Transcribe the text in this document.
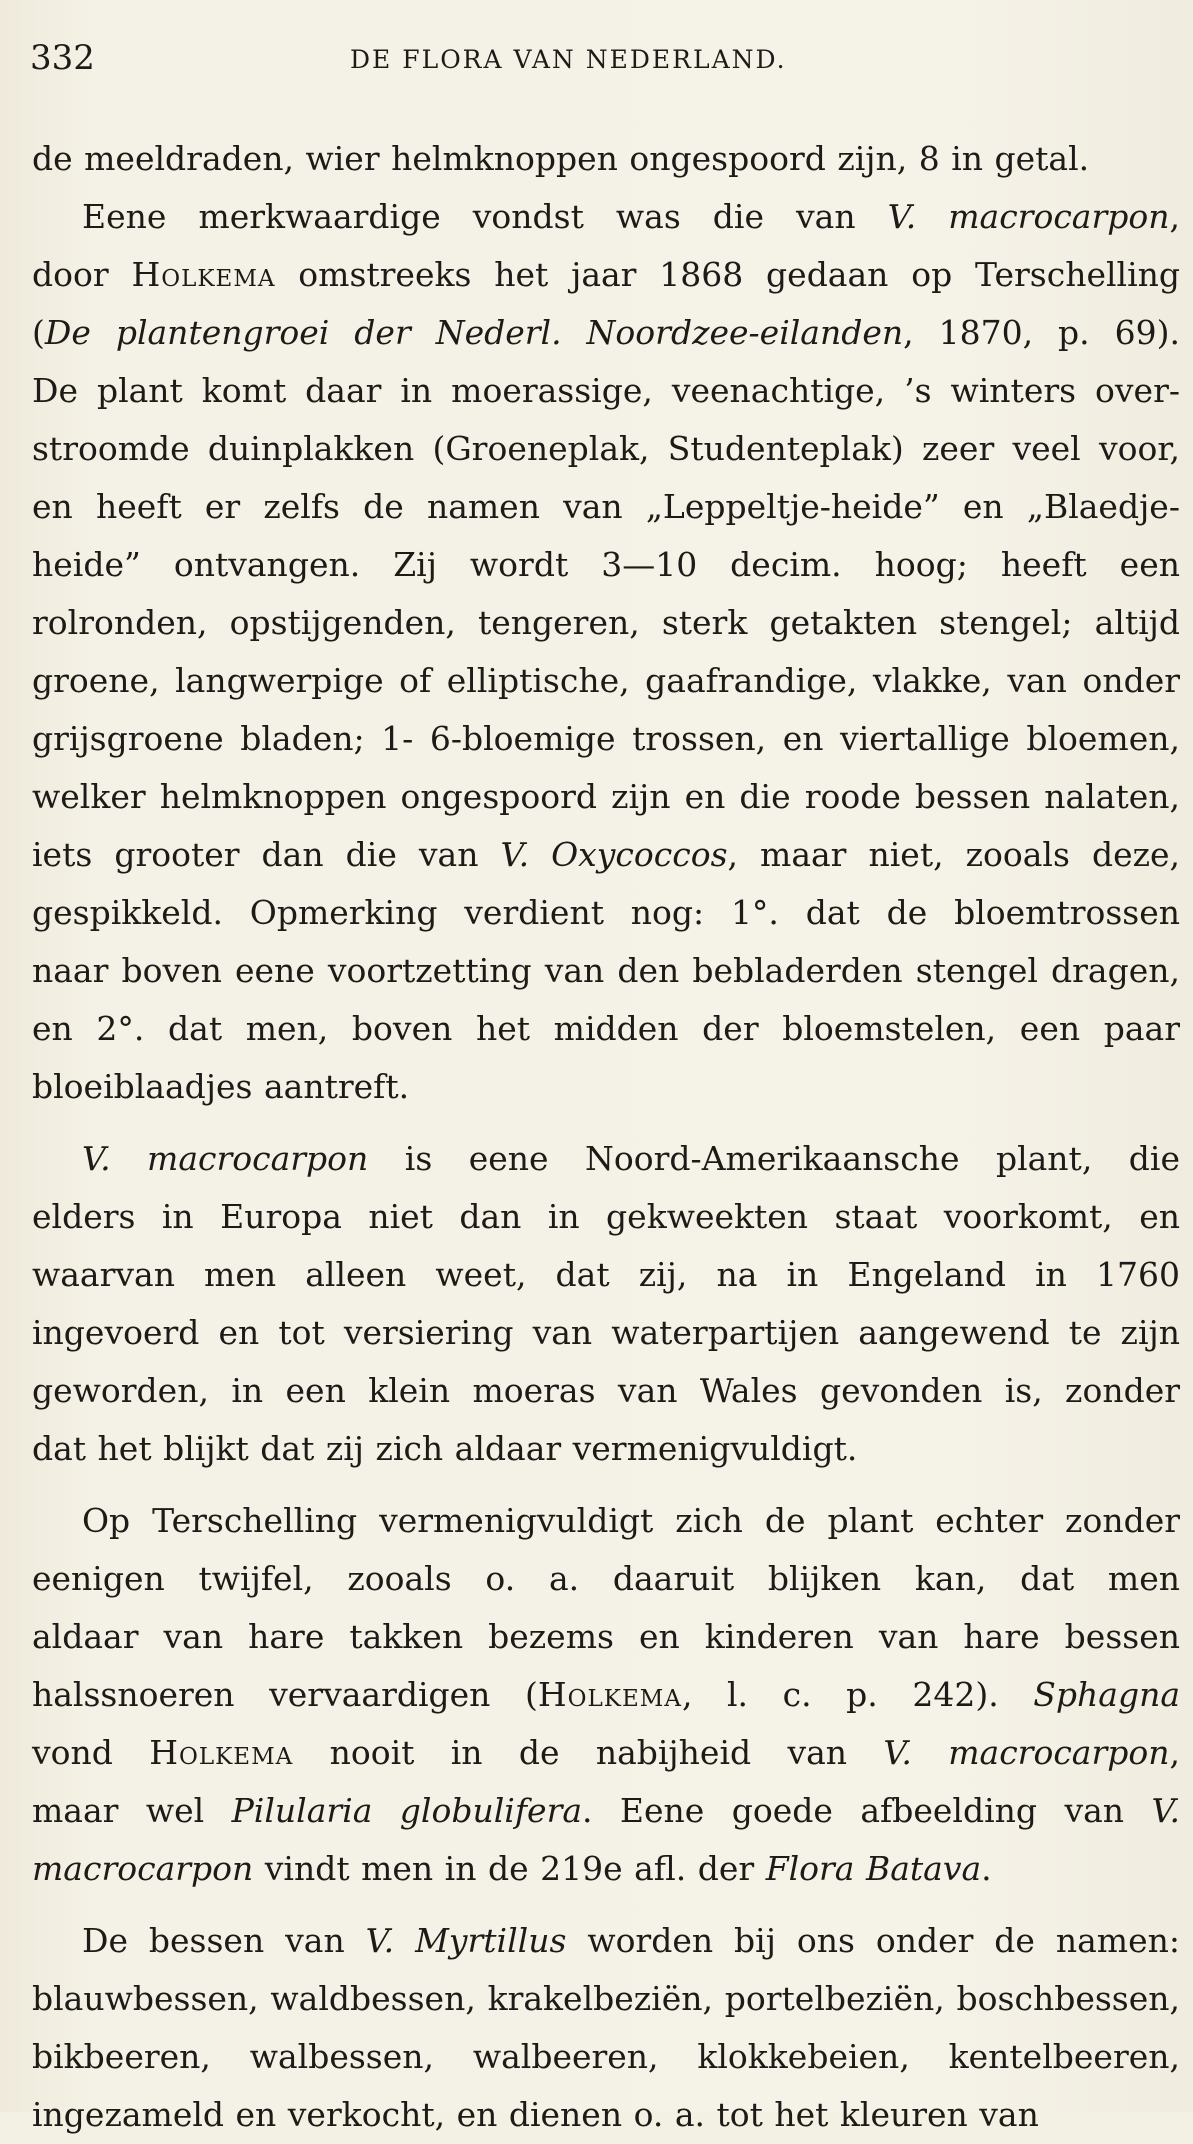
332	DE FLORA VAN NEDERLAND.
de meeldraden, wier helmknoppen ongespoord zijn, 8 in getal.
Eene merkwaardige vondst was die van V. macrocarpon,
door Holkema omstreeks het jaar 1868 gedaan op Terschelling
(De plantengroei der Nederl. Noordzee-eilanden, 1870, p. 69).
De plant komt daar in moerassige, veenachtige, ’s winters over-
stroomde duinplakken (Groeneplak, Studenteplak) zeer veel voor,
en heeft er zelfs de namen van „Leppeltje-heide” en „Blaedje-
heide” ontvangen. Zij wordt 3—10 decim. hoog; heeft een
rolronden, opstijgenden, tengeren, sterk getakten stengel; altijd
groene, langwerpige of elliptische, gaafrandige, vlakke, van onder
grijsgroene bladen; 1- 6-bloemige trossen, en viertallige bloemen,
welker helmknoppen ongespoord zijn en die roode bessen nalaten,
iets grooter dan die van V. Oxycoccos, maar niet, zooals deze,
gespikkeld. Opmerking verdient nog: 1°. dat de bloemtrossen
naar boven eene voortzetting van den bebladerden stengel dragen,
en 2°. dat men, boven het midden der bloemstelen, een paar
bloeiblaadjes aantreft.
V. macrocarpon is eene Noord-Amerikaansche plant, die
elders in Europa niet dan in gekweekten staat voorkomt, en
waarvan men alleen weet, dat zij, na in Engeland in 1760
ingevoerd en tot versiering van waterpartijen aangewend te zijn
geworden, in een klein moeras van Wales gevonden is, zonder
dat het blijkt dat zij zich aldaar vermenigvuldigt.
Op Terschelling vermenigvuldigt zich de plant echter zonder
eenigen twijfel, zooals o. a. daaruit blijken kan, dat men
aldaar van hare takken bezems en kinderen van hare bessen
halssnoeren vervaardigen (Holkema, l. c. p. 242). Sphagna
vond Holkema nooit in de nabijheid van V. macrocarpon,
maar wel Pilularia globulifera. Eene goede afbeelding van V.
macrocarpon vindt men in de 219e afl. der Flora Batava.
De bessen van V. Myrtillus worden bij ons onder de namen:
blauwbessen, waldbessen, krakelbeziën, portelbeziën, boschbessen,
bikbeeren, walbessen, walbeeren, klokkebeien, kentelbeeren,
ingezameld en verkocht, en dienen o. a. tot het kleuren van
